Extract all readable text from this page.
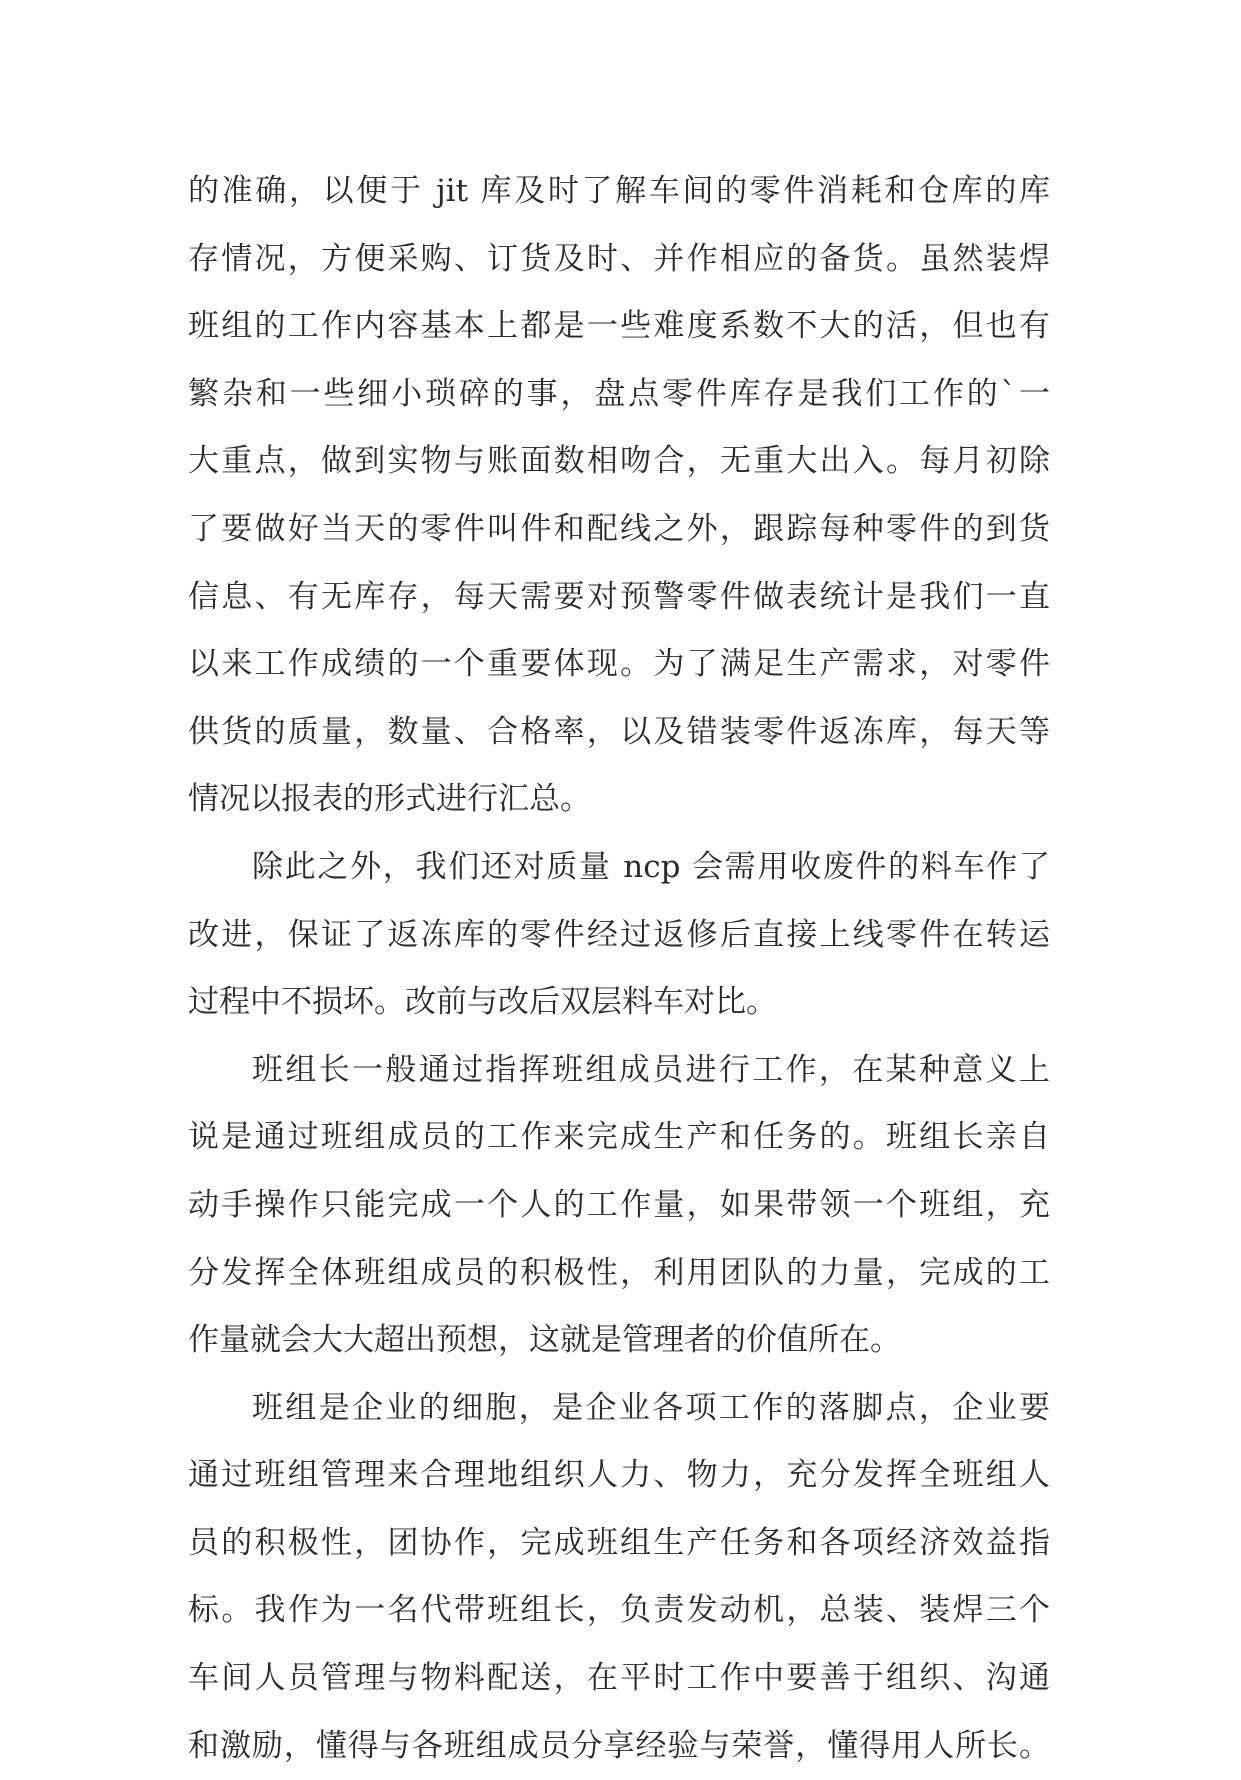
的准确，以便于 jit 库及时了解车间的零件消耗和仓库的库
存情况，方便采购、订货及时、并作相应的备货。虽然装焊
班组的工作内容基本上都是一些难度系数不大的活，但也有
繁杂和一些细小琐碎的事，盘点零件库存是我们工作的`一
大重点，做到实物与账面数相吻合，无重大出入。每月初除
了要做好当天的零件叫件和配线之外，跟踪每种零件的到货
信息、有无库存，每天需要对预警零件做表统计是我们一直
以来工作成绩的一个重要体现。为了满足生产需求，对零件
供货的质量，数量、合格率，以及错装零件返冻库，每天等
情况以报表的形式进行汇总。
除此之外，我们还对质量 ncp 会需用收废件的料车作了
改进，保证了返冻库的零件经过返修后直接上线零件在转运
过程中不损坏。改前与改后双层料车对比。
班组长一般通过指挥班组成员进行工作，在某种意义上
说是通过班组成员的工作来完成生产和任务的。班组长亲自
动手操作只能完成一个人的工作量，如果带领一个班组，充
分发挥全体班组成员的积极性，利用团队的力量，完成的工
作量就会大大超出预想，这就是管理者的价值所在。
班组是企业的细胞，是企业各项工作的落脚点，企业要
通过班组管理来合理地组织人力、物力，充分发挥全班组人
员的积极性，团协作，完成班组生产任务和各项经济效益指
标。我作为一名代带班组长，负责发动机，总装、装焊三个
车间人员管理与物料配送，在平时工作中要善于组织、沟通
和激励，懂得与各班组成员分享经验与荣誉，懂得用人所长。
